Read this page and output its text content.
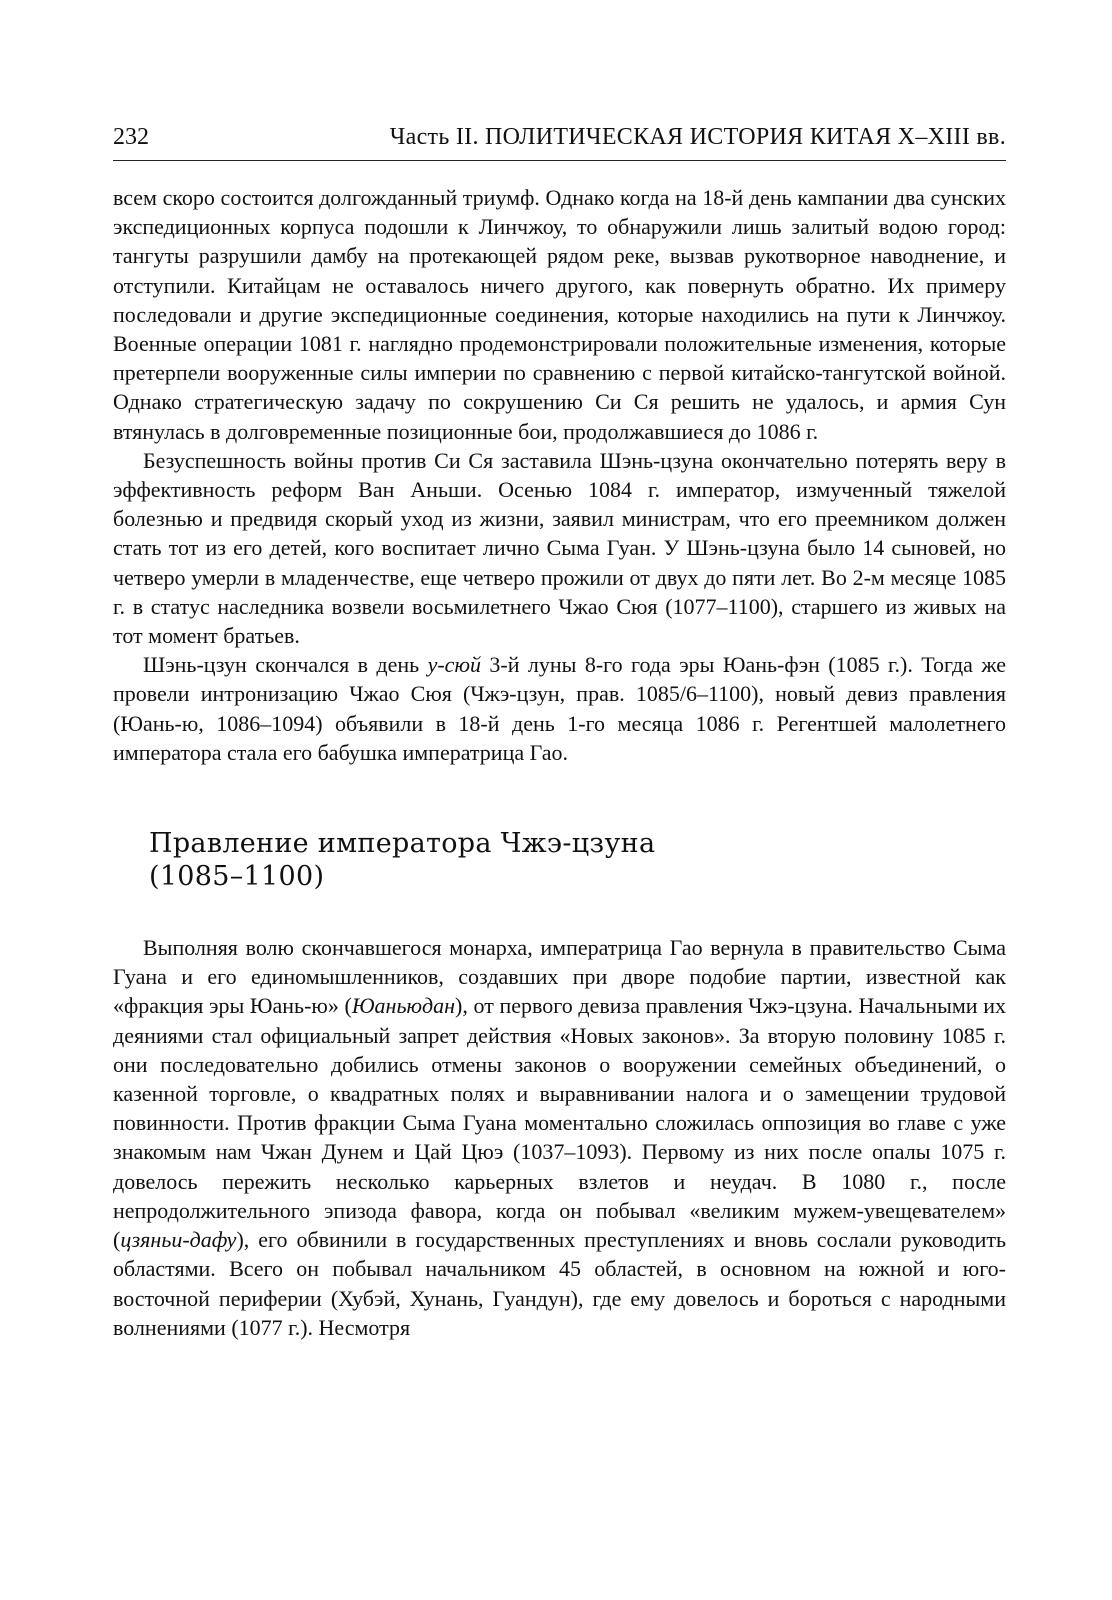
232	Часть II. ПОЛИТИЧЕСКАЯ ИСТОРИЯ КИТАЯ X–XIII вв.

всем скоро состоится долгожданный триумф. Однако когда на 18-й день кампании два сунских экспедиционных корпуса подошли к Линчжоу, то обнаружили лишь залитый водою город: тангуты разрушили дамбу на протекающей рядом реке, вызвав рукотворное наводнение, и отступили. Китайцам не оставалось ничего другого, как повернуть обратно. Их примеру последовали и другие экспедиционные соединения, которые находились на пути к Линчжоу. Военные операции 1081 г. наглядно продемонстрировали положительные изменения, которые претерпели вооруженные силы империи по сравнению с первой китайско-тангутской войной. Однако стратегическую задачу по сокрушению Си Ся решить не удалось, и армия Сун втянулась в долговременные позиционные бои, продолжавшиеся до 1086 г.

Безуспешность войны против Си Ся заставила Шэнь-цзуна окончательно потерять веру в эффективность реформ Ван Аньши. Осенью 1084 г. император, измученный тяжелой болезнью и предвидя скорый уход из жизни, заявил министрам, что его преемником должен стать тот из его детей, кого воспитает лично Сыма Гуан. У Шэнь-цзуна было 14 сыновей, но четверо умерли в младенчестве, еще четверо прожили от двух до пяти лет. Во 2-м месяце 1085 г. в статус наследника возвели восьмилетнего Чжао Сюя (1077–1100), старшего из живых на тот момент братьев.

Шэнь-цзун скончался в день у-сюй 3-й луны 8-го года эры Юань-фэн (1085 г.). Тогда же провели интронизацию Чжао Сюя (Чжэ-цзун, прав. 1085/6–1100), новый девиз правления (Юань-ю, 1086–1094) объявили в 18-й день 1-го месяца 1086 г. Регентшей малолетнего императора стала его бабушка императрица Гао.

Правление императора Чжэ-цзуна
(1085–1100)

Выполняя волю скончавшегося монарха, императрица Гао вернула в правительство Сыма Гуана и его единомышленников, создавших при дворе подобие партии, известной как «фракция эры Юань-ю» (Юаньюдан), от первого девиза правления Чжэ-цзуна. Начальными их деяниями стал официальный запрет действия «Новых законов». За вторую половину 1085 г. они последовательно добились отмены законов о вооружении семейных объединений, о казенной торговле, о квадратных полях и выравнивании налога и о замещении трудовой повинности. Против фракции Сыма Гуана моментально сложилась оппозиция во главе с уже знакомым нам Чжан Дунем и Цай Цюэ (1037–1093). Первому из них после опалы 1075 г. довелось пережить несколько карьерных взлетов и неудач. В 1080 г., после непродолжительного эпизода фавора, когда он побывал «великим мужем-увещевателем» (цзяньи-дафу), его обвинили в государственных преступлениях и вновь сослали руководить областями. Всего он побывал начальником 45 областей, в основном на южной и юго-восточной периферии (Хубэй, Хунань, Гуандун), где ему довелось и бороться с народными волнениями (1077 г.). Несмотря
